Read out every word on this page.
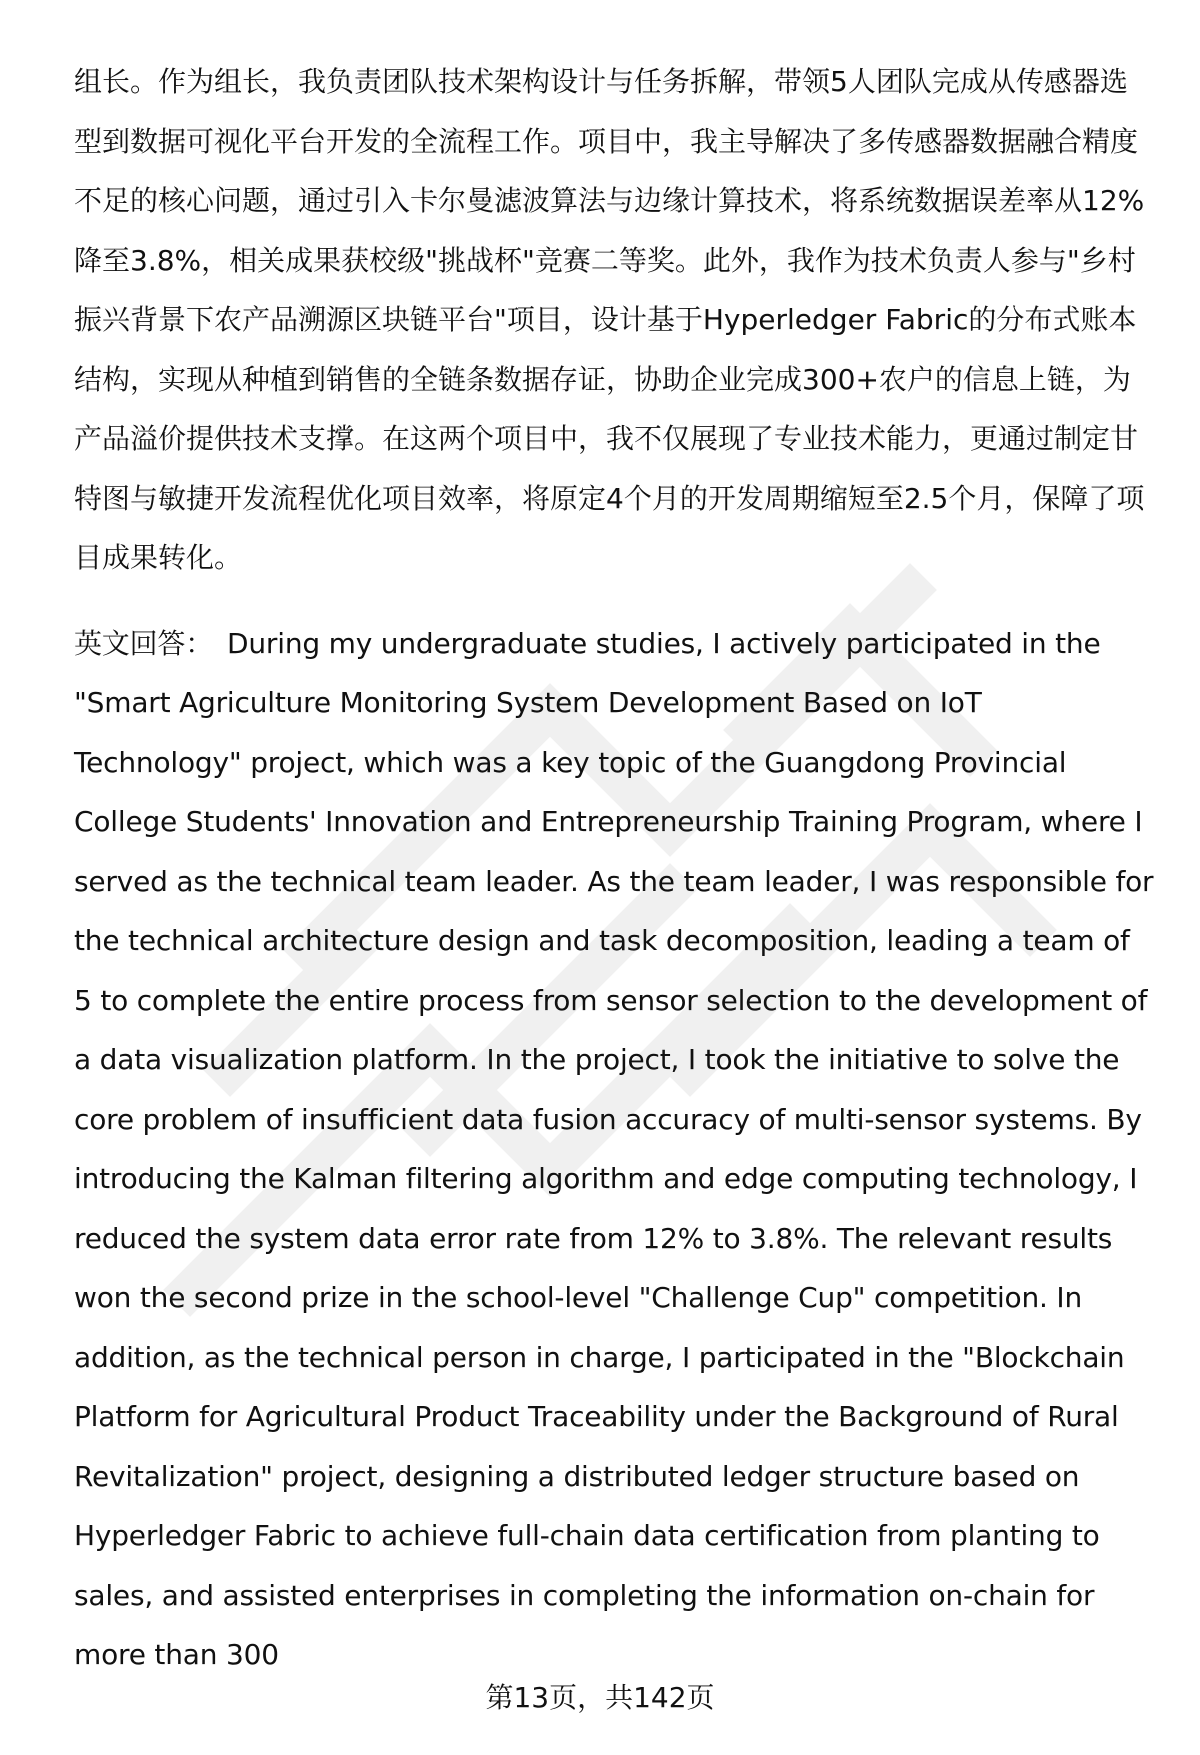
组长。作为组长，我负责团队技术架构设计与任务拆解，带领5人团队完成从传感器选型到数据可视化平台开发的全流程工作。项目中，我主导解决了多传感器数据融合精度不足的核心问题，通过引入卡尔曼滤波算法与边缘计算技术，将系统数据误差率从12%降至3.8%，相关成果获校级"挑战杯"竞赛二等奖。此外，我作为技术负责人参与"乡村振兴背景下农产品溯源区块链平台"项目，设计基于Hyperledger Fabric的分布式账本结构，实现从种植到销售的全链条数据存证，协助企业完成300+农户的信息上链，为产品溢价提供技术支撑。在这两个项目中，我不仅展现了专业技术能力，更通过制定甘特图与敏捷开发流程优化项目效率，将原定4个月的开发周期缩短至2.5个月，保障了项目成果转化。

英文回答： During my undergraduate studies, I actively participated in the "Smart Agriculture Monitoring System Development Based on IoT Technology" project, which was a key topic of the Guangdong Provincial College Students' Innovation and Entrepreneurship Training Program, where I served as the technical team leader. As the team leader, I was responsible for the technical architecture design and task decomposition, leading a team of 5 to complete the entire process from sensor selection to the development of a data visualization platform. In the project, I took the initiative to solve the core problem of insufficient data fusion accuracy of multi-sensor systems. By introducing the Kalman filtering algorithm and edge computing technology, I reduced the system data error rate from 12% to 3.8%. The relevant results won the second prize in the school-level "Challenge Cup" competition. In addition, as the technical person in charge, I participated in the "Blockchain Platform for Agricultural Product Traceability under the Background of Rural Revitalization" project, designing a distributed ledger structure based on Hyperledger Fabric to achieve full-chain data certification from planting to sales, and assisted enterprises in completing the information on-chain for more than 300

第13页，共142页
